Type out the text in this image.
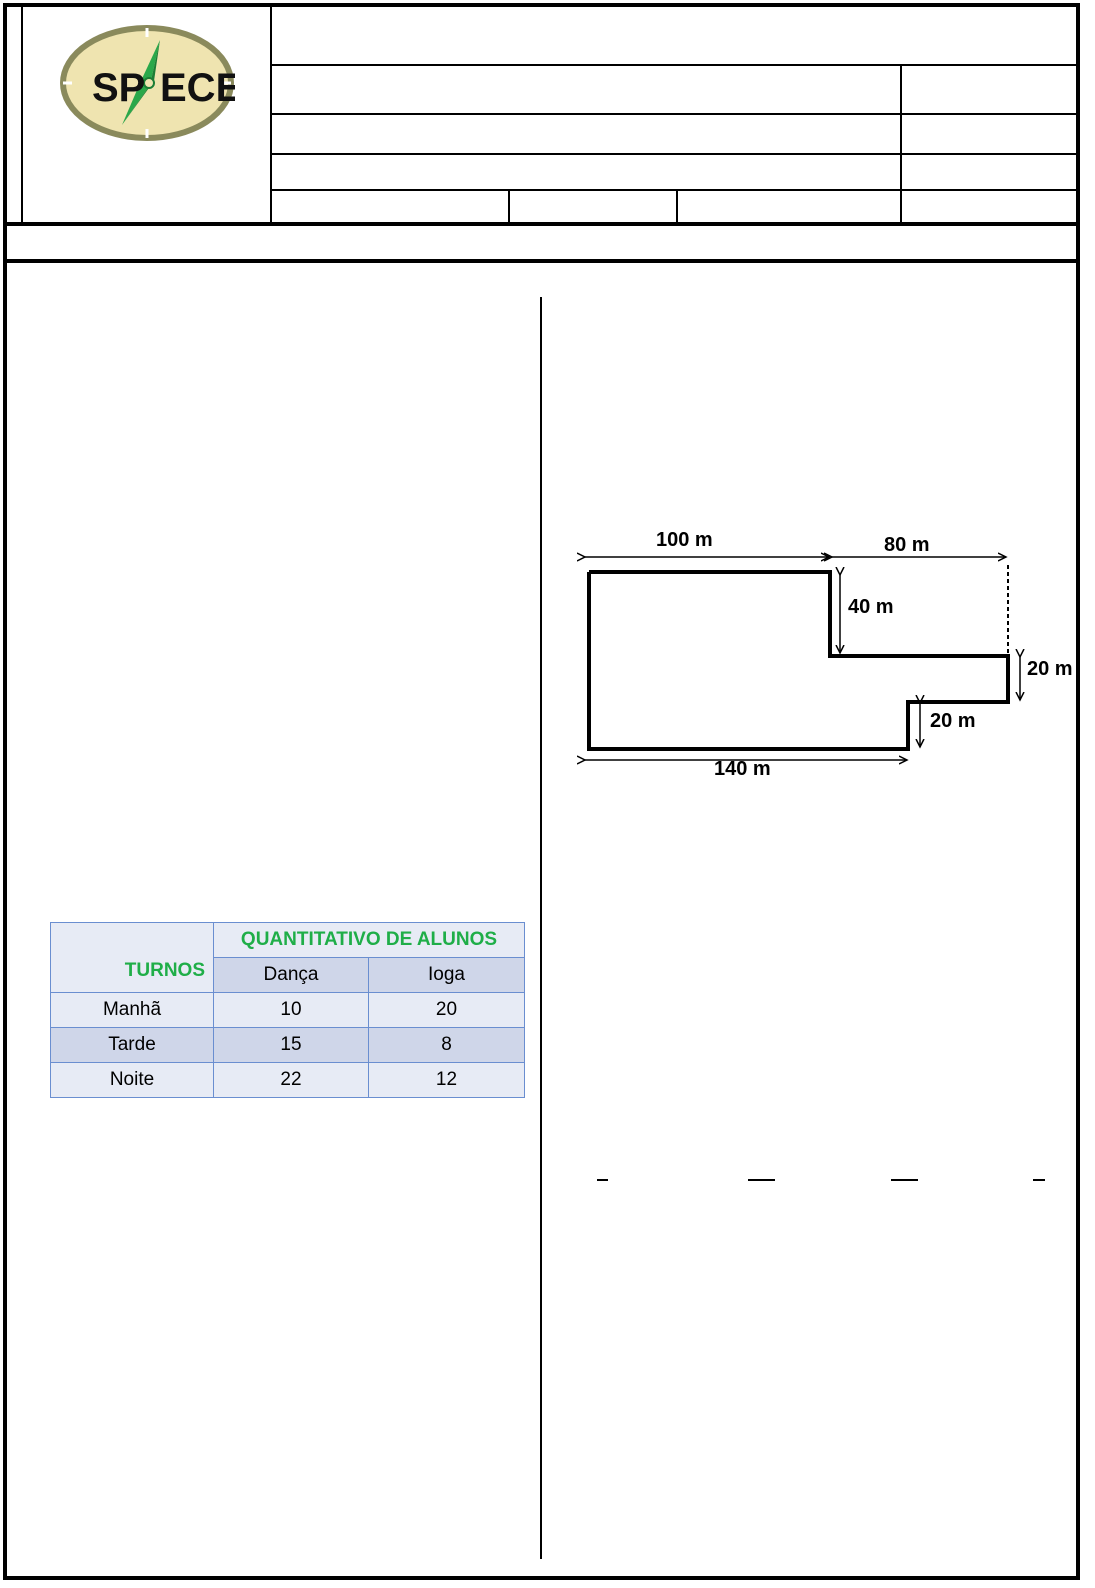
SP ECE
100 m	80 m
40 m
20 m
20 m
140 m
TURNOS	QUANTITATIVO DE ALUNOS	
	Dança	Ioga
Manhã	10	20
Tarde	15	8
Noite	22	12
